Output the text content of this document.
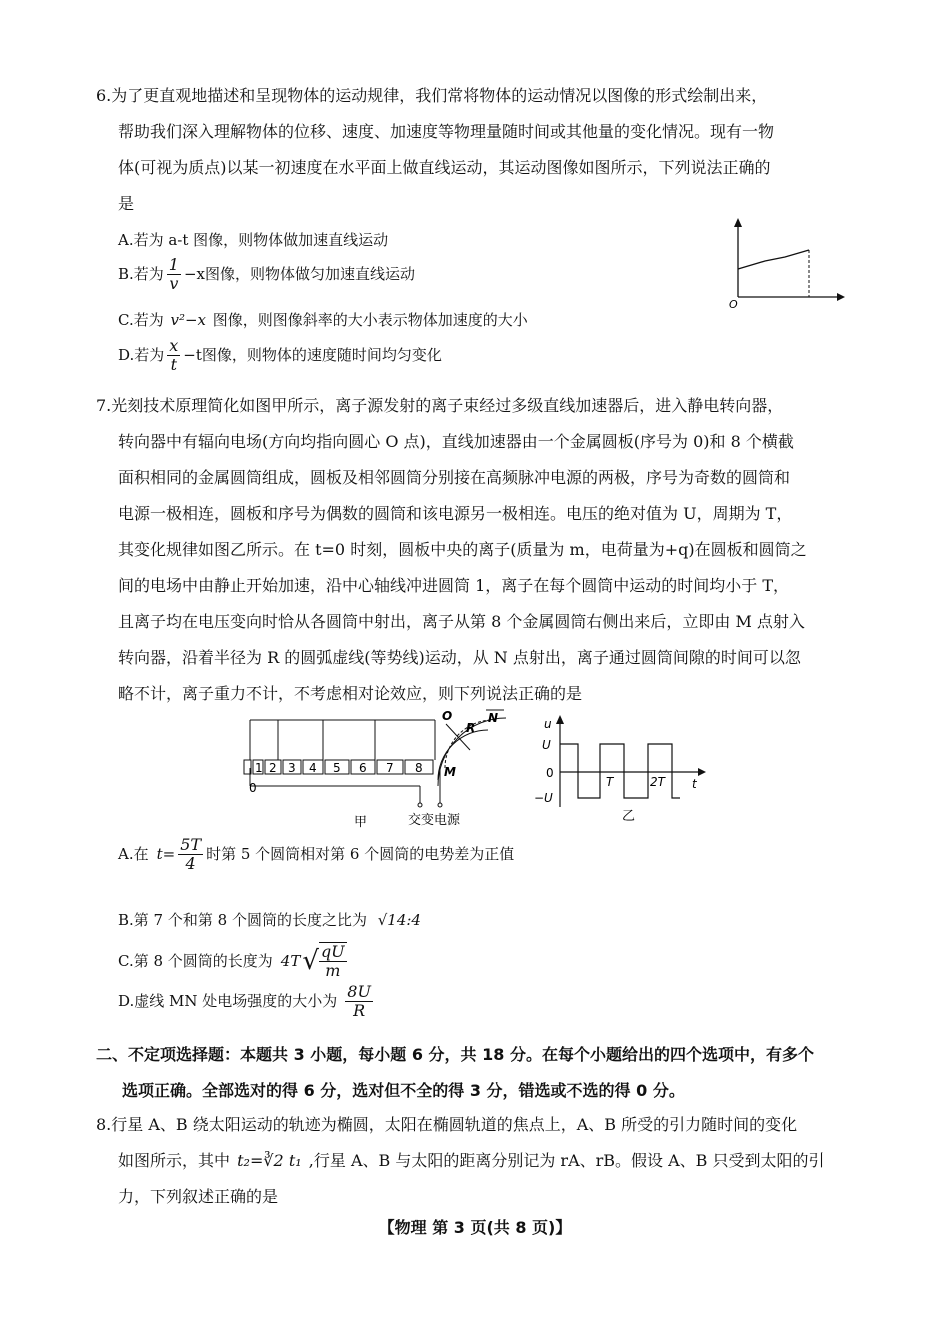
6.为了更直观地描述和呈现物体的运动规律，我们常将物体的运动情况以图像的形式绘制出来，
帮助我们深入理解物体的位移、速度、加速度等物理量随时间或其他量的变化情况。现有一物
体(可视为质点)以某一初速度在水平面上做直线运动，其运动图像如图所示，下列说法正确的
是
A.若为 a-t 图像，则物体做加速直线运动
B.若为 $\frac{1}{v} -x$图像，则物体做匀加速直线运动
C.若为 v²−x 图像，则图像斜率的大小表示物体加速度的大小
D.若为 $\frac{x}{t} -t$图像，则物体的速度随时间均匀变化
O
7.光刻技术原理简化如图甲所示，离子源发射的离子束经过多级直线加速器后，进入静电转向器，
转向器中有辐向电场(方向均指向圆心 O 点)，直线加速器由一个金属圆板(序号为 0)和 8 个横截
面积相同的金属圆筒组成，圆板及相邻圆筒分别接在高频脉冲电源的两极，序号为奇数的圆筒和
电源一极相连，圆板和序号为偶数的圆筒和该电源另一极相连。电压的绝对值为 U，周期为 T，
其变化规律如图乙所示。在 t=0 时刻，圆板中央的离子(质量为 m，电荷量为+q)在圆板和圆筒之
间的电场中由静止开始加速，沿中心轴线冲进圆筒 1，离子在每个圆筒中运动的时间均小于 T，
且离子均在电压变向时恰从各圆筒中射出，离子从第 8 个金属圆筒右侧出来后，立即由 M 点射入
转向器，沿着半径为 R 的圆弧虚线(等势线)运动，从 N 点射出，离子通过圆筒间隙的时间可以忽
略不计，离子重力不计，不考虑相对论效应，则下列说法正确的是
1 2 3 4 5 6 7 8
0
O
R
N
M
甲	交变电源
u
U
0
−U
T	2T t
乙
A.在 $t= \frac{5T}{4}$ 时第 5 个圆筒相对第 6 个圆筒的电势差为正值
B.第 7 个和第 8 个圆筒的长度之比为 √14:4
C.第 8 个圆筒的长度为 4T √ $\frac{qU}{m}$
D.虚线 MN 处电场强度的大小为 $\frac{8U}{R}$
二、不定项选择题：本题共 3 小题，每小题 6 分，共 18 分。在每个小题给出的四个选项中，有多个
选项正确。全部选对的得 6 分，选对但不全的得 3 分，错选或不选的得 0 分。
8.行星 A、B 绕太阳运动的轨迹为椭圆，太阳在椭圆轨道的焦点上，A、B 所受的引力随时间的变化
如图所示，其中 t₂=∛2 t₁ ,行星 A、B 与太阳的距离分别记为 rA、rB。假设 A、B 只受到太阳的引
力，下列叙述正确的是
【物理 第 3 页(共 8 页)】
